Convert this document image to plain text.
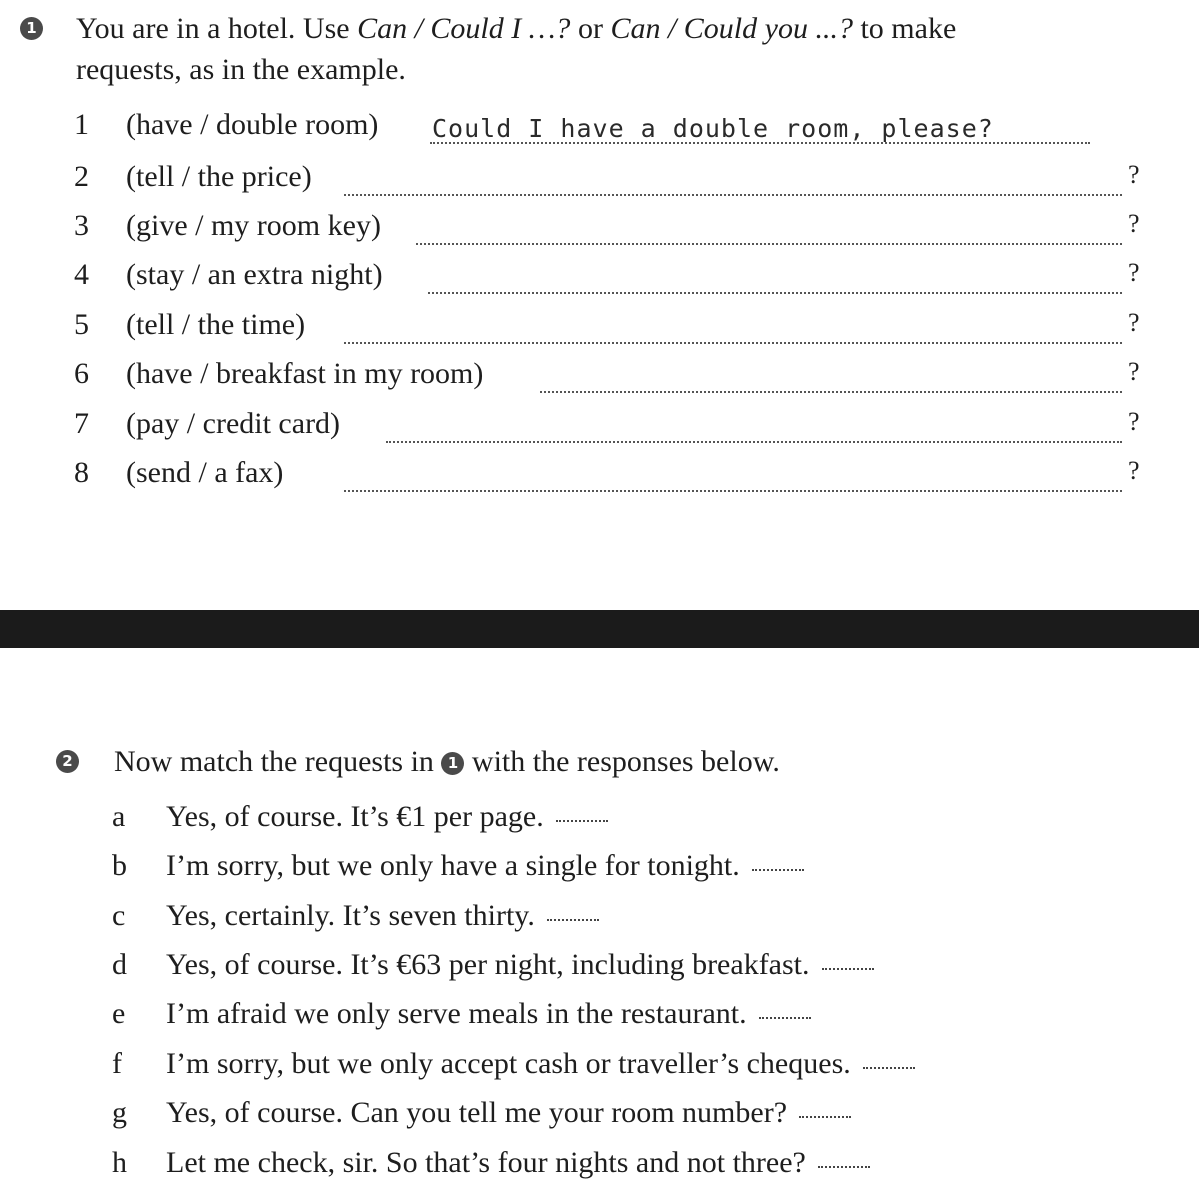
1 You are in a hotel. Use Can / Could I …? or Can / Could you ...? to make
requests, as in the example.
1	(have / double room) Could I have a double room, please?
2	(tell / the price)	?
3	(give / my room key)	?
4	(stay / an extra night)	?
5	(tell / the time)	?
6	(have / breakfast in my room)	?
7	(pay / credit card)	?
8	(send / a fax)	?
2 Now match the requests in 1 with the responses below.
a	Yes, of course. It’s €1 per page.
b	I’m sorry, but we only have a single for tonight.
c	Yes, certainly. It’s seven thirty.
d	Yes, of course. It’s €63 per night, including breakfast.
e	I’m afraid we only serve meals in the restaurant.
f	I’m sorry, but we only accept cash or traveller’s cheques.
g	Yes, of course. Can you tell me your room number?
h	Let me check, sir. So that’s four nights and not three?
